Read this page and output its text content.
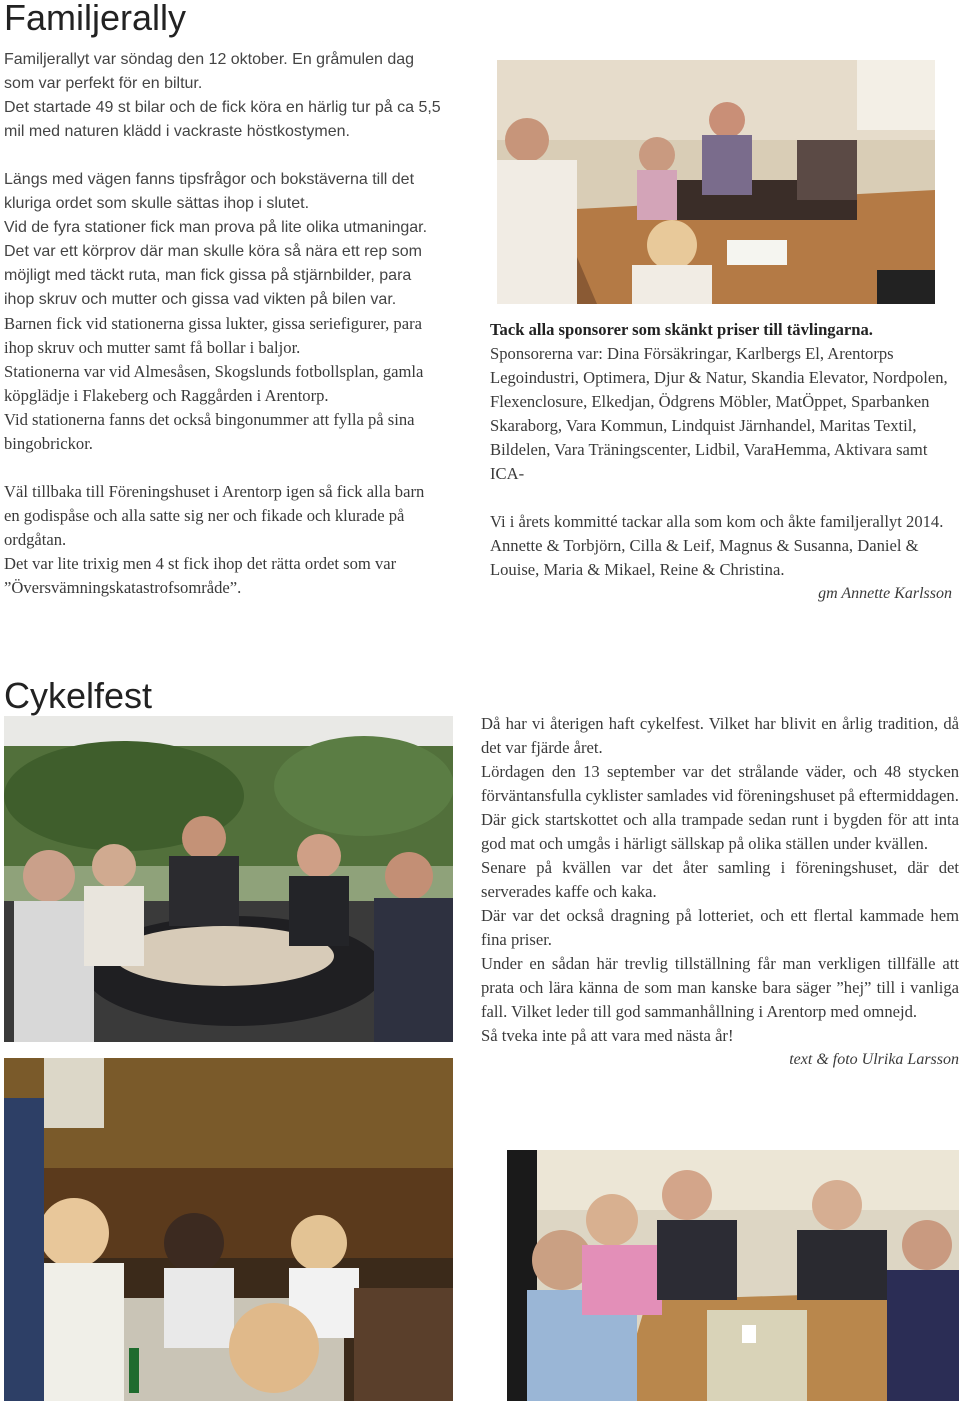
Familjerally

Familjerallyt var söndag den 12 oktober. En gråmulen dag som var perfekt för en biltur.

Det startade 49 st bilar och de fick köra en härlig tur på ca 5,5 mil med naturen klädd i vackraste höstkostymen.

Längs med vägen fanns tipsfrågor och bokstäverna till det kluriga ordet som skulle sättas ihop i slutet.

Vid de fyra stationer fick man prova på lite olika utmaningar. Det var ett körprov där man skulle köra så nära ett rep som möjligt med täckt ruta, man fick gissa på stjärnbilder, para ihop skruv och mutter och gissa vad vikten på bilen var.

Barnen fick vid stationerna gissa lukter, gissa seriefigurer, para ihop skruv och mutter samt få bollar i baljor.

Stationerna var vid Almesåsen, Skogslunds fotbollsplan, gamla köpglädje i Flakeberg och Raggården i Arentorp.

Vid stationerna fanns det också bingonummer att fylla på sina bingobrickor.

Väl tillbaka till Föreningshuset i Arentorp igen så fick alla barn en godispåse och alla satte sig ner och fikade och klurade på ordgåtan.

Det var lite trixig men 4 st fick ihop det rätta ordet som var ”Översvämningskatastrofsområde”.

Tack alla sponsorer som skänkt priser till tävlingarna.

Sponsorerna var: Dina Försäkringar, Karlbergs El, Arentorps Legoindustri, Optimera, Djur & Natur, Skandia Elevator, Nordpolen, Flexenclosure, Elkedjan, Ödgrens Möbler, MatÖppet, Sparbanken Skaraborg, Vara Kommun, Lindquist Järnhandel, Maritas Textil, Bildelen, Vara Träningscenter, Lidbil, VaraHemma, Aktivara samt ICA-

Vi i årets kommitté tackar alla som kom och åkte familjerallyt 2014.

Annette & Torbjörn, Cilla & Leif, Magnus & Susanna, Daniel & Louise, Maria & Mikael, Reine & Christina.

gm Annette Karlsson

Cykelfest

Då har vi återigen haft cykelfest. Vilket har blivit en årlig tradition, då det var fjärde året.

Lördagen den 13 september var det strålande väder, och 48 stycken förväntansfulla cyklister samlades vid föreningshuset på eftermiddagen.

Där gick startskottet och alla trampade sedan runt i bygden för att inta god mat och umgås i härligt sällskap på olika ställen under kvällen.

Senare på kvällen var det åter samling i föreningshuset, där det serverades kaffe och kaka.

Där var det också dragning på lotteriet, och ett flertal kammade hem fina priser.

Under en sådan här trevlig tillställning får man verkligen tillfälle att prata och lära känna de som man kanske bara säger ”hej” till i vanliga fall. Vilket leder till god sammanhållning i Arentorp med omnejd.

Så tveka inte på att vara med nästa år!

text & foto Ulrika Larsson
